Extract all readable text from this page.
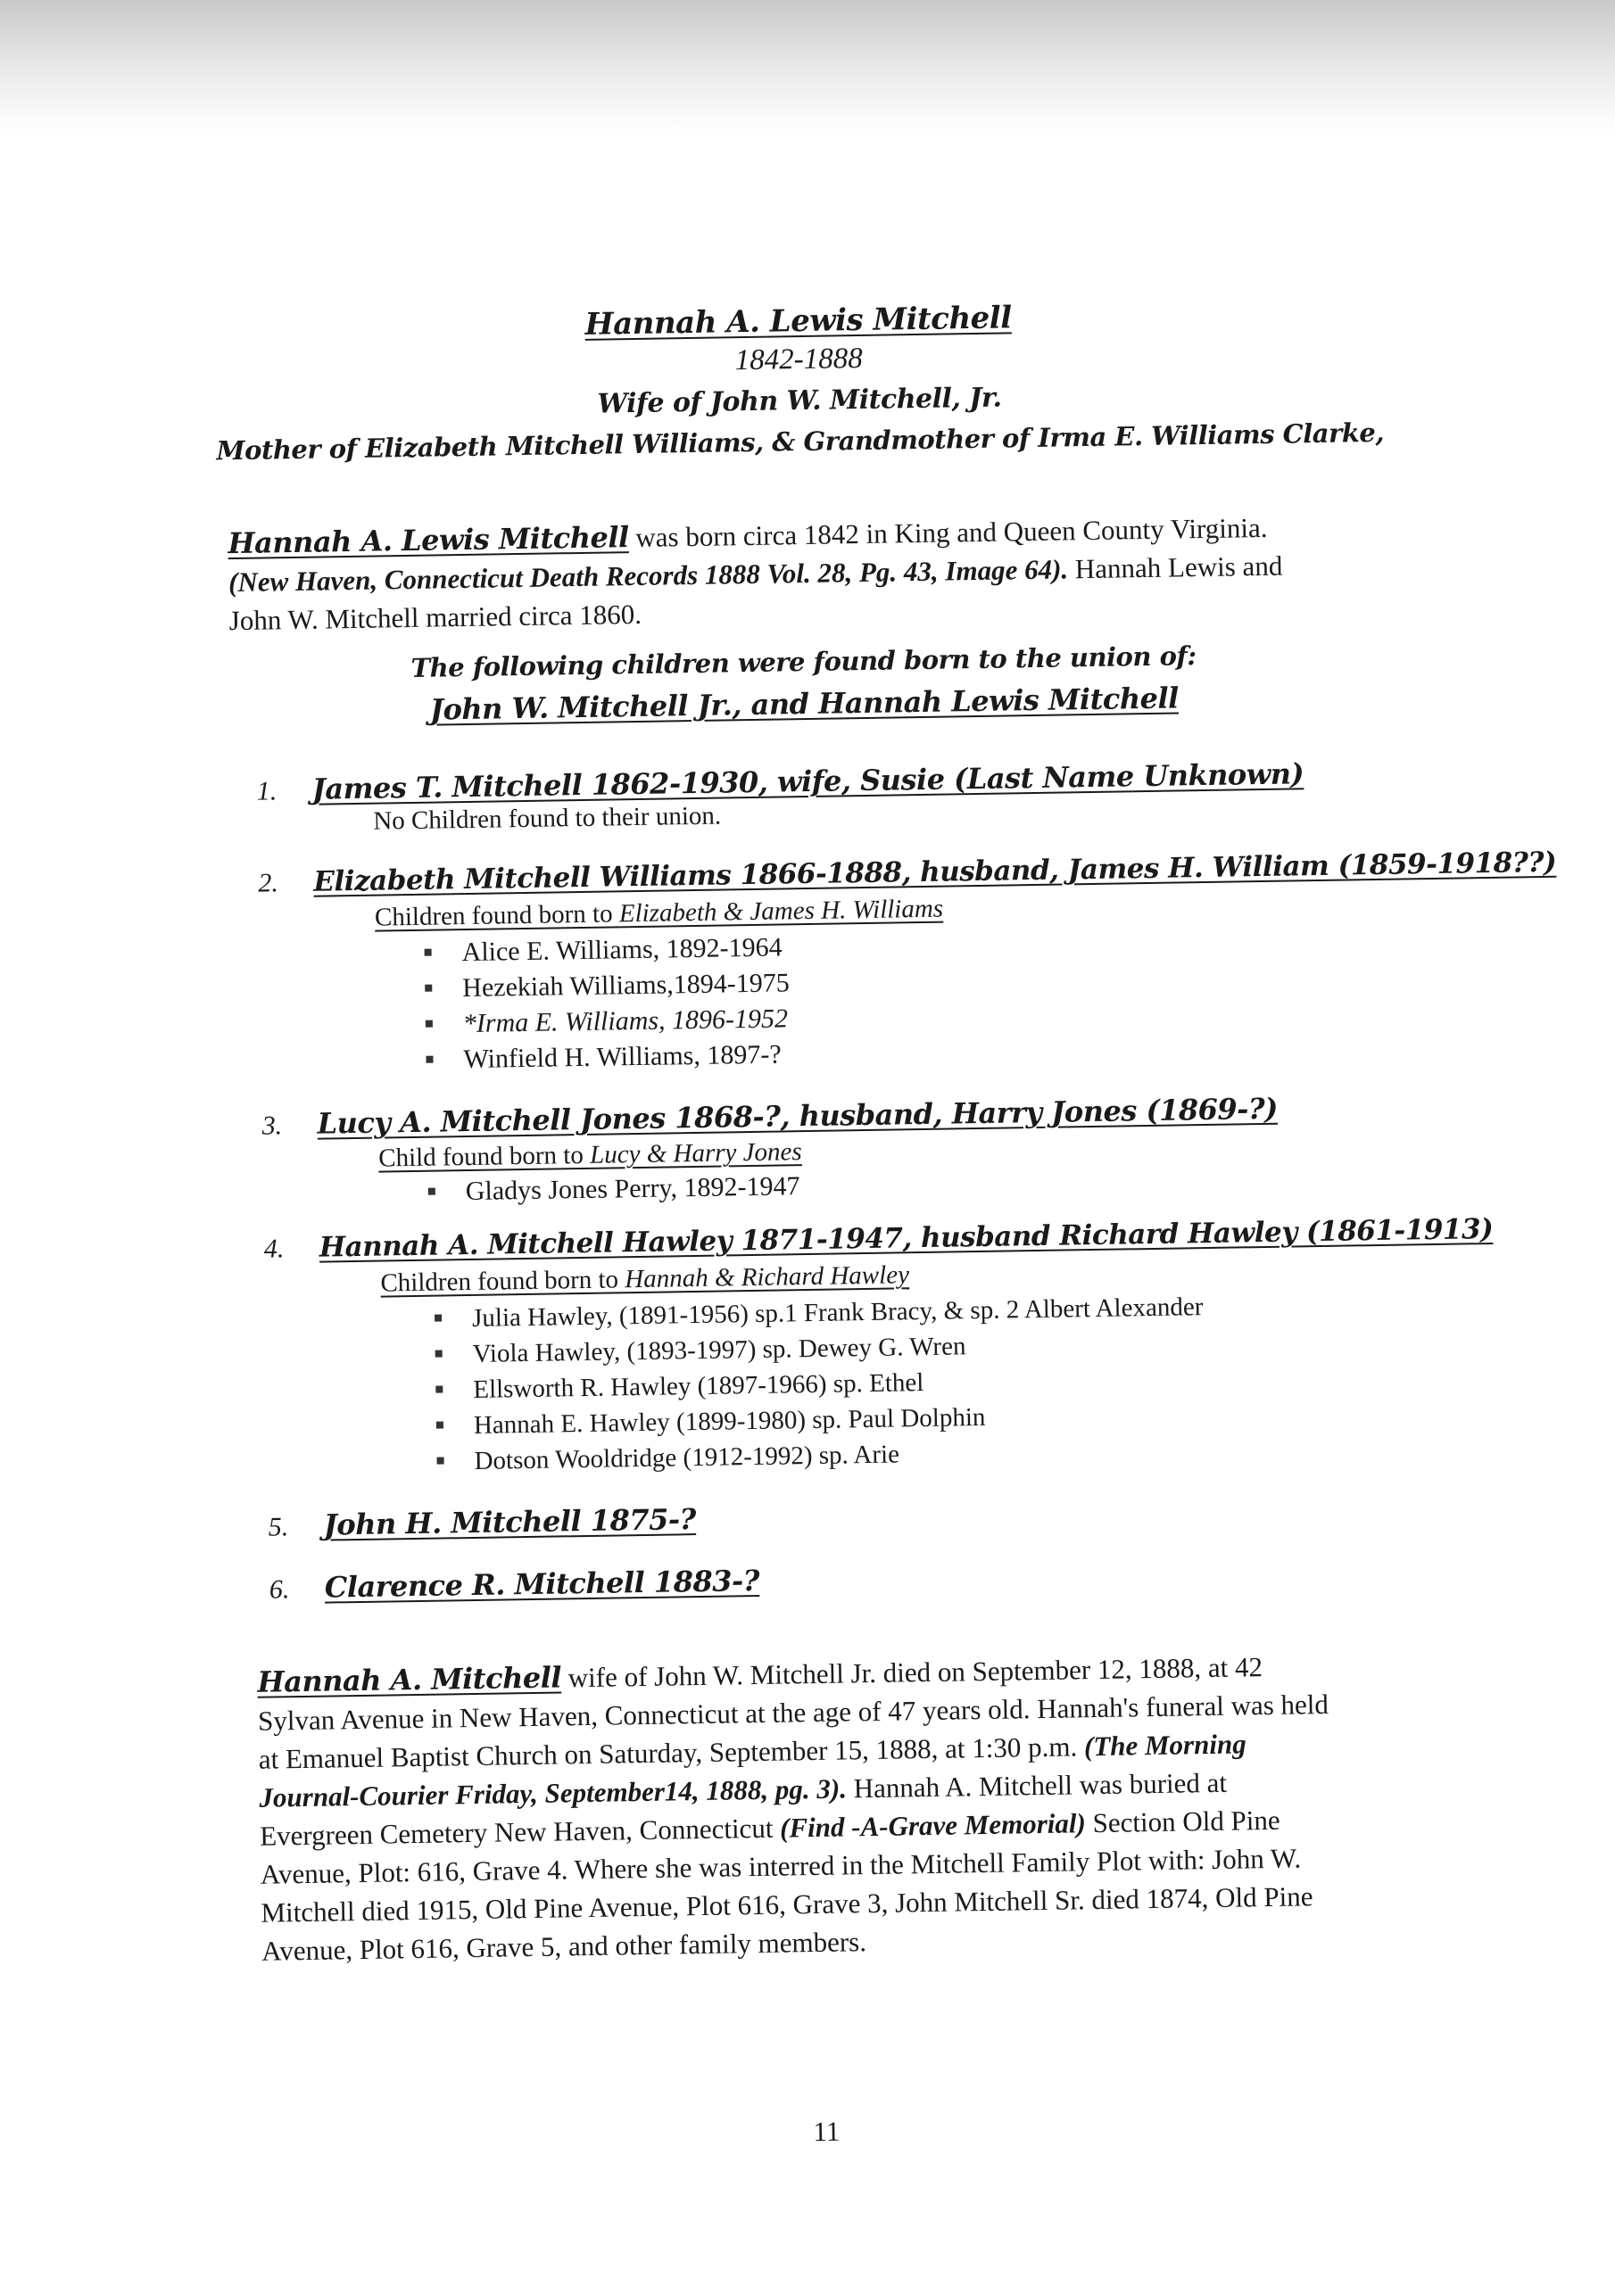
Hannah A. Lewis Mitchell
1842-1888
Wife of John W. Mitchell, Jr.
Mother of Elizabeth Mitchell Williams, & Grandmother of Irma E. Williams Clarke,
Hannah A. Lewis Mitchell was born circa 1842 in King and Queen County Virginia. (New Haven, Connecticut Death Records 1888 Vol. 28, Pg. 43, Image 64). Hannah Lewis and John W. Mitchell married circa 1860.
The following children were found born to the union of:
John W. Mitchell Jr., and Hannah Lewis Mitchell
1. James T. Mitchell 1862-1930, wife, Susie (Last Name Unknown)
No Children found to their union.
2. Elizabeth Mitchell Williams 1866-1888, husband, James H. William (1859-1918??)
Children found born to Elizabeth & James H. Williams
Alice E. Williams, 1892-1964
Hezekiah Williams,1894-1975
*Irma E. Williams, 1896-1952
Winfield H. Williams, 1897-?
3. Lucy A. Mitchell Jones 1868-?, husband, Harry Jones (1869-?)
Child found born to Lucy & Harry Jones
Gladys Jones Perry, 1892-1947
4. Hannah A. Mitchell Hawley 1871-1947, husband Richard Hawley (1861-1913)
Children found born to Hannah & Richard Hawley
Julia Hawley, (1891-1956) sp.1 Frank Bracy, & sp. 2 Albert Alexander
Viola Hawley, (1893-1997) sp. Dewey G. Wren
Ellsworth R. Hawley (1897-1966) sp. Ethel
Hannah E. Hawley (1899-1980) sp. Paul Dolphin
Dotson Wooldridge (1912-1992) sp. Arie
5. John H. Mitchell 1875-?
6. Clarence R. Mitchell 1883-?
Hannah A. Mitchell wife of John W. Mitchell Jr. died on September 12, 1888, at 42 Sylvan Avenue in New Haven, Connecticut at the age of 47 years old. Hannah's funeral was held at Emanuel Baptist Church on Saturday, September 15, 1888, at 1:30 p.m. (The Morning Journal-Courier Friday, September14, 1888, pg. 3). Hannah A. Mitchell was buried at Evergreen Cemetery New Haven, Connecticut (Find -A-Grave Memorial) Section Old Pine Avenue, Plot: 616, Grave 4. Where she was interred in the Mitchell Family Plot with: John W. Mitchell died 1915, Old Pine Avenue, Plot 616, Grave 3, John Mitchell Sr. died 1874, Old Pine Avenue, Plot 616, Grave 5, and other family members.
11
